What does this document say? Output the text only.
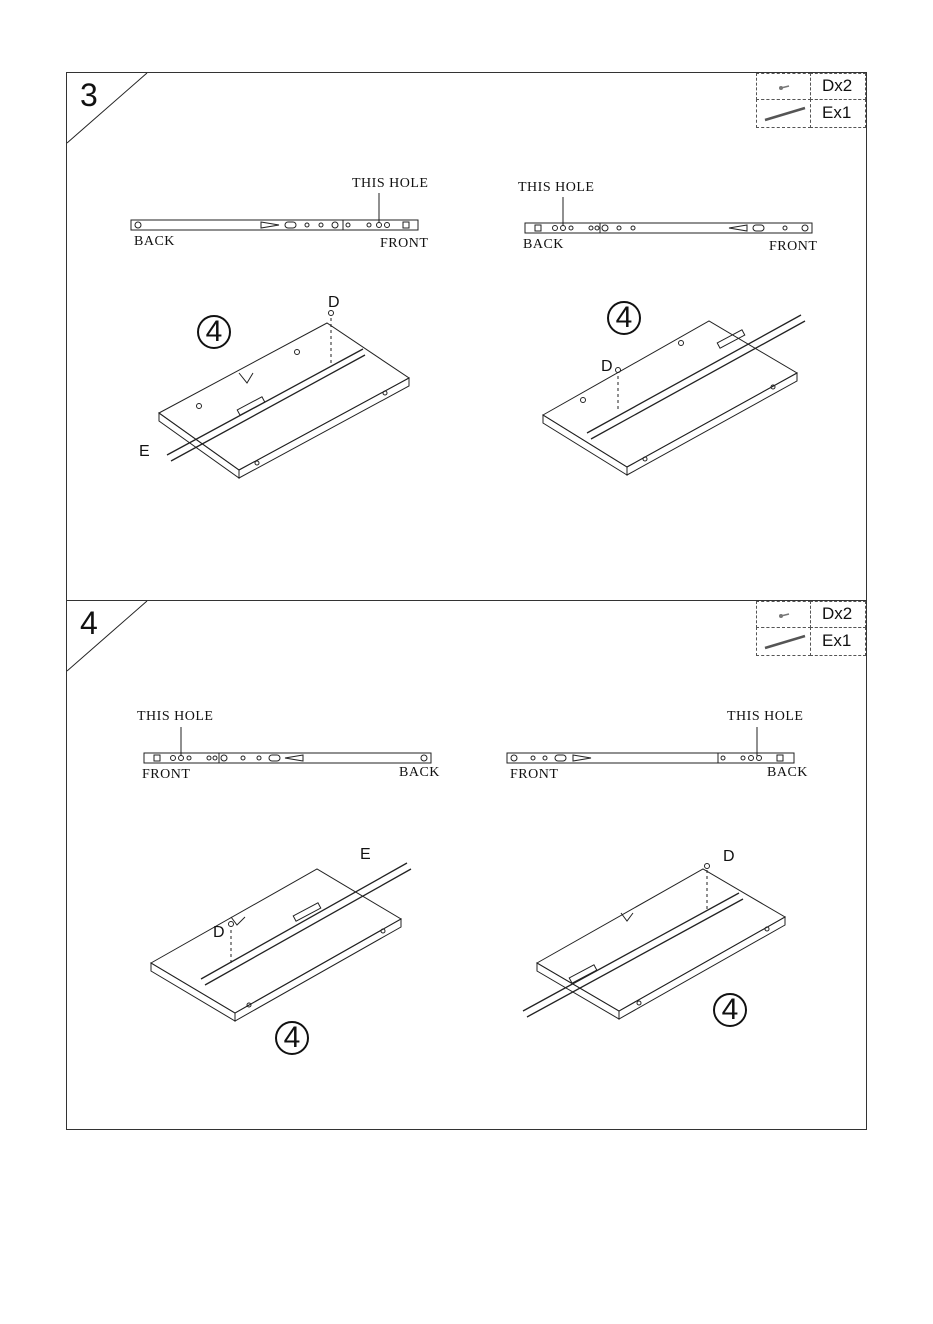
3	Dx2
Ex1
THIS HOLE
BACK	FRONT
THIS HOLE
BACK	FRONT
4
D
E
4
D
4	Dx2
Ex1
THIS HOLE
FRONT	BACK
THIS HOLE
FRONT	BACK
4
D
E
4
D
